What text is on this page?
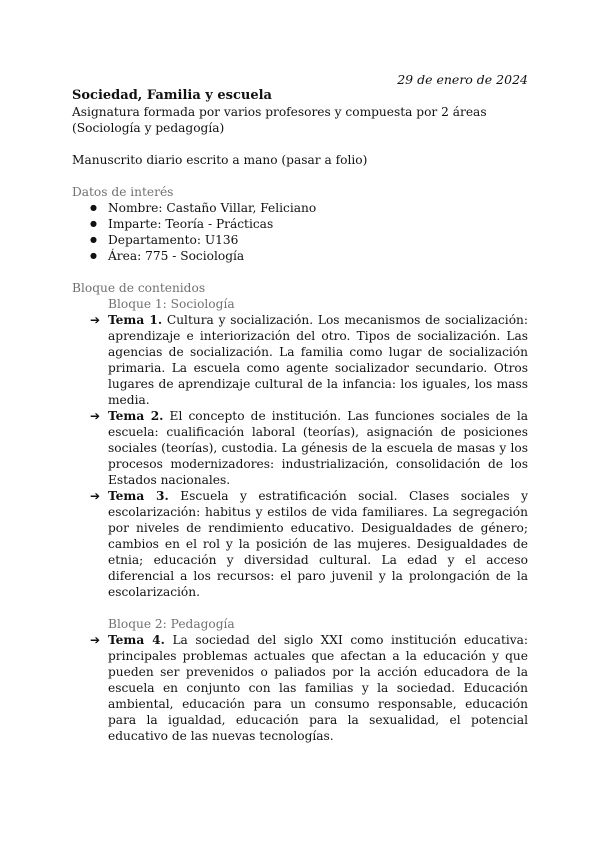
29 de enero de 2024

Sociedad, Familia y escuela

Asignatura formada por varios profesores y compuesta por 2 áreas (Sociología y pedagogía)

Manuscrito diario escrito a mano (pasar a folio)

Datos de interés

● Nombre: Castaño Villar, Feliciano
● Imparte: Teoría - Prácticas
● Departamento: U136
● Área: 775 - Sociología

Bloque de contenidos

Bloque 1: Sociología

➔ Tema 1. Cultura y socialización. Los mecanismos de socialización: aprendizaje e interiorización del otro. Tipos de socialización. Las agencias de socialización. La familia como lugar de socialización primaria. La escuela como agente socializador secundario. Otros lugares de aprendizaje cultural de la infancia: los iguales, los mass media.

➔ Tema 2. El concepto de institución. Las funciones sociales de la escuela: cualificación laboral (teorías), asignación de posiciones sociales (teorías), custodia. La génesis de la escuela de masas y los procesos modernizadores: industrialización, consolidación de los Estados nacionales.

➔ Tema 3. Escuela y estratificación social. Clases sociales y escolarización: habitus y estilos de vida familiares. La segregación por niveles de rendimiento educativo. Desigualdades de género; cambios en el rol y la posición de las mujeres. Desigualdades de etnia; educación y diversidad cultural. La edad y el acceso diferencial a los recursos: el paro juvenil y la prolongación de la escolarización.

Bloque 2: Pedagogía

➔ Tema 4. La sociedad del siglo XXI como institución educativa: principales problemas actuales que afectan a la educación y que pueden ser prevenidos o paliados por la acción educadora de la escuela en conjunto con las familias y la sociedad. Educación ambiental, educación para un consumo responsable, educación para la igualdad, educación para la sexualidad, el potencial educativo de las nuevas tecnologías.
